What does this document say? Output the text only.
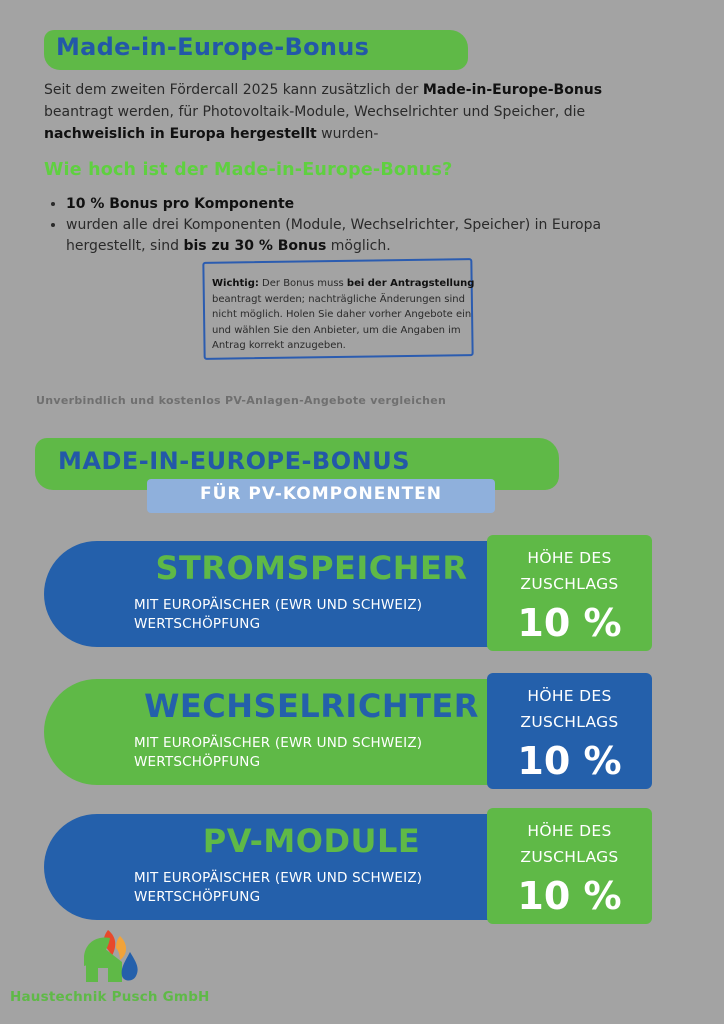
Made-in-Europe-Bonus

Seit dem zweiten Fördercall 2025 kann zusätzlich der Made-in-Europe-Bonus beantragt werden, für Photovoltaik-Module, Wechselrichter und Speicher, die nachweislich in Europa hergestellt wurden-

Wie hoch ist der Made-in-Europe-Bonus?
• 10 % Bonus pro Komponente
• wurden alle drei Komponenten (Module, Wechselrichter, Speicher) in Europa hergestellt, sind bis zu 30 % Bonus möglich.

Wichtig: Der Bonus muss bei der Antragstellung beantragt werden; nachträgliche Änderungen sind nicht möglich. Holen Sie daher vorher Angebote ein und wählen Sie den Anbieter, um die Angaben im Antrag korrekt anzugeben.

Unverbindlich und kostenlos PV-Anlagen-Angebote vergleichen

MADE-IN-EUROPE-BONUS

FÜR PV-KOMPONENTEN

STROMSPEICHER

MIT EUROPÄISCHER (EWR UND SCHWEIZ)
WERTSCHÖPFUNG

HÖHE DES
ZUSCHLAGS

10 %

WECHSELRICHTER

MIT EUROPÄISCHER (EWR UND SCHWEIZ)
WERTSCHÖPFUNG

HÖHE DES
ZUSCHLAGS

10 %

PV-MODULE

MIT EUROPÄISCHER (EWR UND SCHWEIZ)
WERTSCHÖPFUNG

HÖHE DES
ZUSCHLAGS

10 %

Haustechnik Pusch GmbH
